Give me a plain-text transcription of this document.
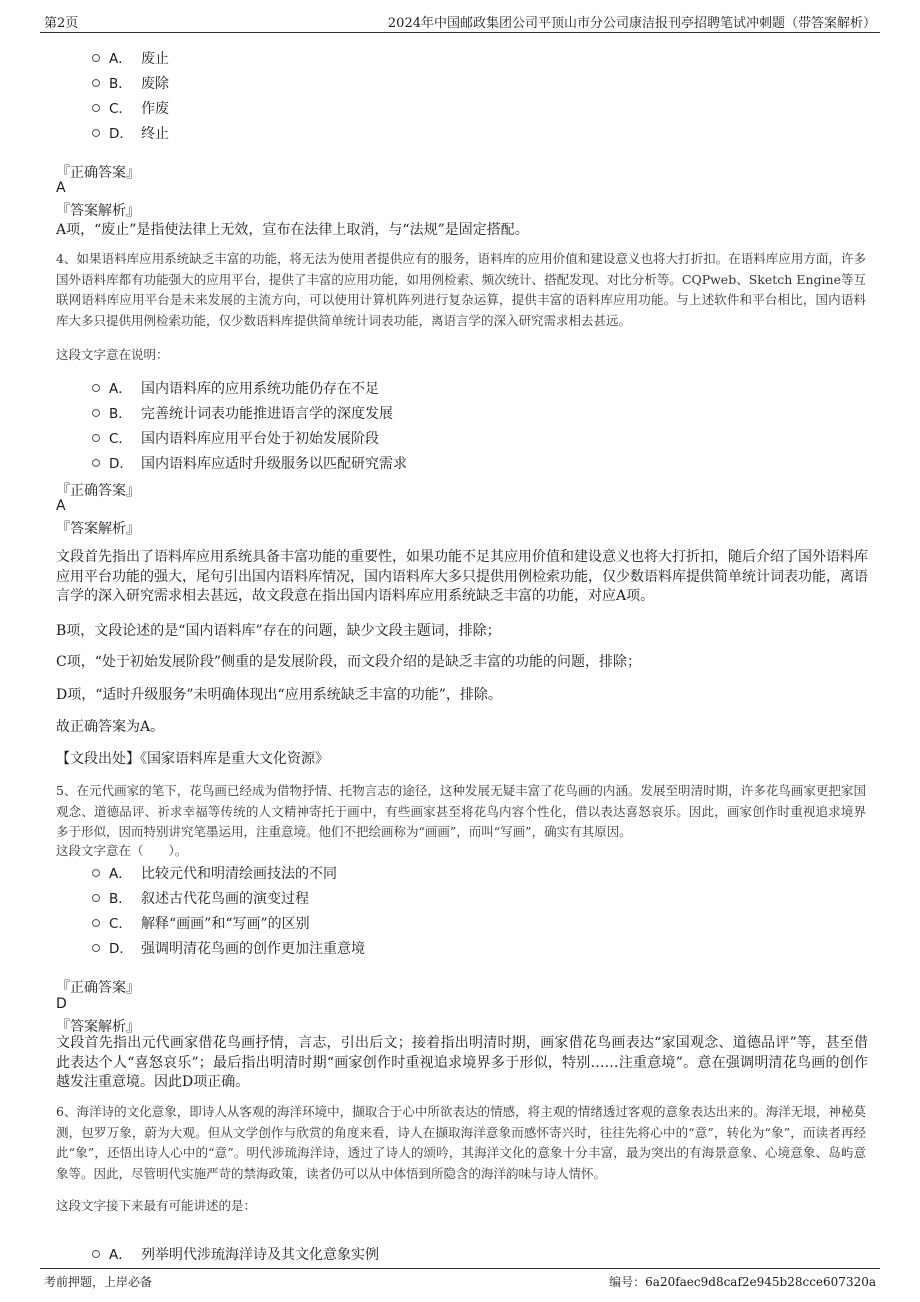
第2页	2024年中国邮政集团公司平顶山市分公司康洁报刊亭招聘笔试冲刺题（带答案解析）
A． 废止
B． 废除
C． 作废
D． 终止
『正确答案』
A
『答案解析』
A项，“废止”是指使法律上无效，宣布在法律上取消，与“法规”是固定搭配。
4、如果语料库应用系统缺乏丰富的功能，将无法为使用者提供应有的服务，语料库的应用价值和建设意义也将大打折扣。在语料库应用方面，许多国外语料库都有功能强大的应用平台，提供了丰富的应用功能，如用例检索、频次统计、搭配发现、对比分析等。CQPweb、Sketch Engine等互联网语料库应用平台是未来发展的主流方向，可以使用计算机阵列进行复杂运算，提供丰富的语料库应用功能。与上述软件和平台相比，国内语料库大多只提供用例检索功能，仅少数语料库提供简单统计词表功能，离语言学的深入研究需求相去甚远。
这段文字意在说明：
A． 国内语料库的应用系统功能仍存在不足
B． 完善统计词表功能推进语言学的深度发展
C． 国内语料库应用平台处于初始发展阶段
D． 国内语料库应适时升级服务以匹配研究需求
『正确答案』
A
『答案解析』
文段首先指出了语料库应用系统具备丰富功能的重要性，如果功能不足其应用价值和建设意义也将大打折扣，随后介绍了国外语料库应用平台功能的强大，尾句引出国内语料库情况，国内语料库大多只提供用例检索功能，仅少数语料库提供简单统计词表功能，离语言学的深入研究需求相去甚远，故文段意在指出国内语料库应用系统缺乏丰富的功能，对应A项。
B项，文段论述的是“国内语料库”存在的问题，缺少文段主题词，排除；
C项，“处于初始发展阶段”侧重的是发展阶段，而文段介绍的是缺乏丰富的功能的问题，排除；
D项，“适时升级服务”未明确体现出“应用系统缺乏丰富的功能”，排除。
故正确答案为A。
【文段出处】《国家语料库是重大文化资源》
5、在元代画家的笔下，花鸟画已经成为借物抒情、托物言志的途径，这种发展无疑丰富了花鸟画的内涵。发展至明清时期，许多花鸟画家更把家国观念、道德品评、祈求幸福等传统的人文精神寄托于画中，有些画家甚至将花鸟内容个性化，借以表达喜怒哀乐。因此，画家创作时重视追求境界多于形似，因而特别讲究笔墨运用，注重意境。他们不把绘画称为“画画”，而叫“写画”，确实有其原因。
这段文字意在（　　）。
A． 比较元代和明清绘画技法的不同
B． 叙述古代花鸟画的演变过程
C． 解释“画画”和“写画”的区别
D． 强调明清花鸟画的创作更加注重意境
『正确答案』
D
『答案解析』
文段首先指出元代画家借花鸟画抒情，言志，引出后文；接着指出明清时期，画家借花鸟画表达“家国观念、道德品评”等，甚至借此表达个人“喜怒哀乐”；最后指出明清时期“画家创作时重视追求境界多于形似，特别……注重意境”。意在强调明清花鸟画的创作越发注重意境。因此D项正确。
6、海洋诗的文化意象，即诗人从客观的海洋环境中，撷取合于心中所欲表达的情感，将主观的情绪透过客观的意象表达出来的。海洋无垠，神秘莫测，包罗万象，蔚为大观。但从文学创作与欣赏的角度来看，诗人在撷取海洋意象而感怀寄兴时，往往先将心中的“意”，转化为“象”，而读者再经此“象”，还悟出诗人心中的“意”。明代涉琉海洋诗，透过了诗人的颂吟，其海洋文化的意象十分丰富，最为突出的有海景意象、心境意象、岛屿意象等。因此，尽管明代实施严苛的禁海政策，读者仍可以从中体悟到所隐含的海洋韵味与诗人情怀。
这段文字接下来最有可能讲述的是：
A． 列举明代涉琉海洋诗及其文化意象实例
考前押题，上岸必备	编号：6a20faec9d8caf2e945b28cce607320a
